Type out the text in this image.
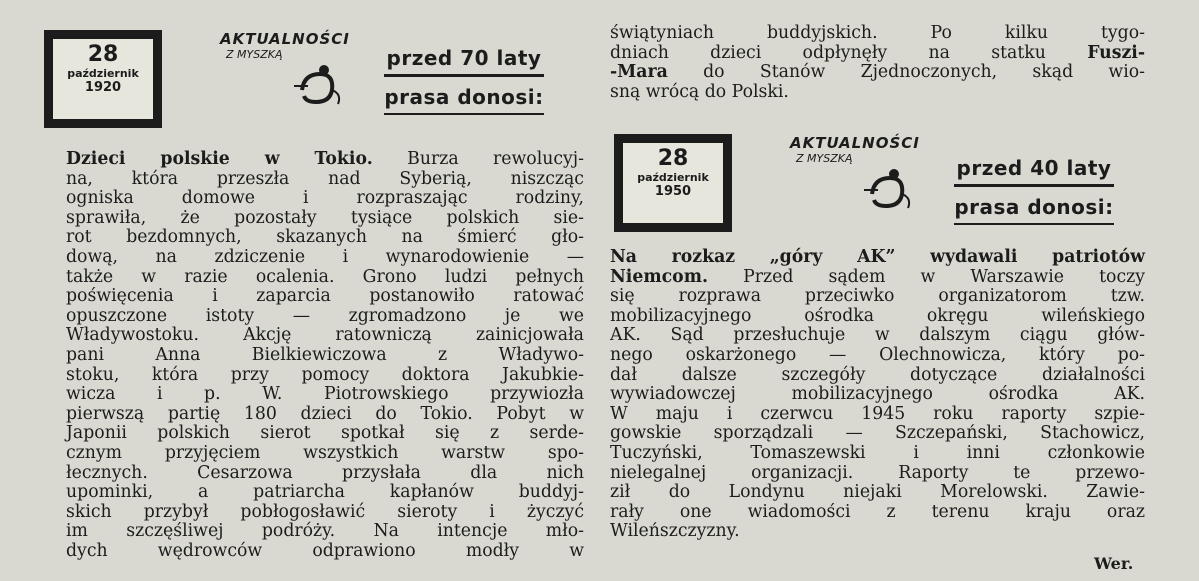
28
październik
1920
AKTUALNOŚCI
Z MYSZKĄ	przed 70 laty
prasa donosi:
Dzieci polskie w Tokio. Burza rewolucyj-
na, która przeszła nad Syberią, niszcząc
ogniska domowe i rozpraszając rodziny,
sprawiła, że pozostały tysiące polskich sie-
rot bezdomnych, skazanych na śmierć gło-
dową, na zdziczenie i wynarodowienie —
także w razie ocalenia. Grono ludzi pełnych
poświęcenia i zaparcia postanowiło ratować
opuszczone istoty — zgromadzono je we
Władywostoku. Akcję ratowniczą zainicjowała
pani Anna Bielkiewiczowa z Władywo-
stoku, która przy pomocy doktora Jakubkie-
wicza i p. W. Piotrowskiego przywiozła
pierwszą partię 180 dzieci do Tokio. Pobyt w
Japonii polskich sierot spotkał się z serde-
cznym przyjęciem wszystkich warstw spo-
łecznych. Cesarzowa przysłała dla nich
upominki, a patriarcha kapłanów buddyj-
skich przybył pobłogosławić sieroty i życzyć
im szczęśliwej podróży. Na intencje mło-
dych wędrowców odprawiono modły w
świątyniach buddyjskich. Po kilku tygo-
dniach dzieci odpłynęły na statku Fuszi-
-Mara do Stanów Zjednoczonych, skąd wio-
sną wrócą do Polski.
28
październik
1950
AKTUALNOŚCI
Z MYSZKĄ	przed 40 laty
prasa donosi:
Na rozkaz „góry AK” wydawali patriotów
Niemcom. Przed sądem w Warszawie toczy
się rozprawa przeciwko organizatorom tzw.
mobilizacyjnego ośrodka okręgu wileńskiego
AK. Sąd przesłuchuje w dalszym ciągu głów-
nego oskarżonego — Olechnowicza, który po-
dał dalsze szczegóły dotyczące działalności
wywiadowczej mobilizacyjnego ośrodka AK.
W maju i czerwcu 1945 roku raporty szpie-
gowskie sporządzali — Szczepański, Stachowicz,
Tuczyński, Tomaszewski i inni członkowie
nielegalnej organizacji. Raporty te przewo-
ził do Londynu niejaki Morelowski. Zawie-
rały one wiadomości z terenu kraju oraz
Wileńszczyzny.
Wer.
